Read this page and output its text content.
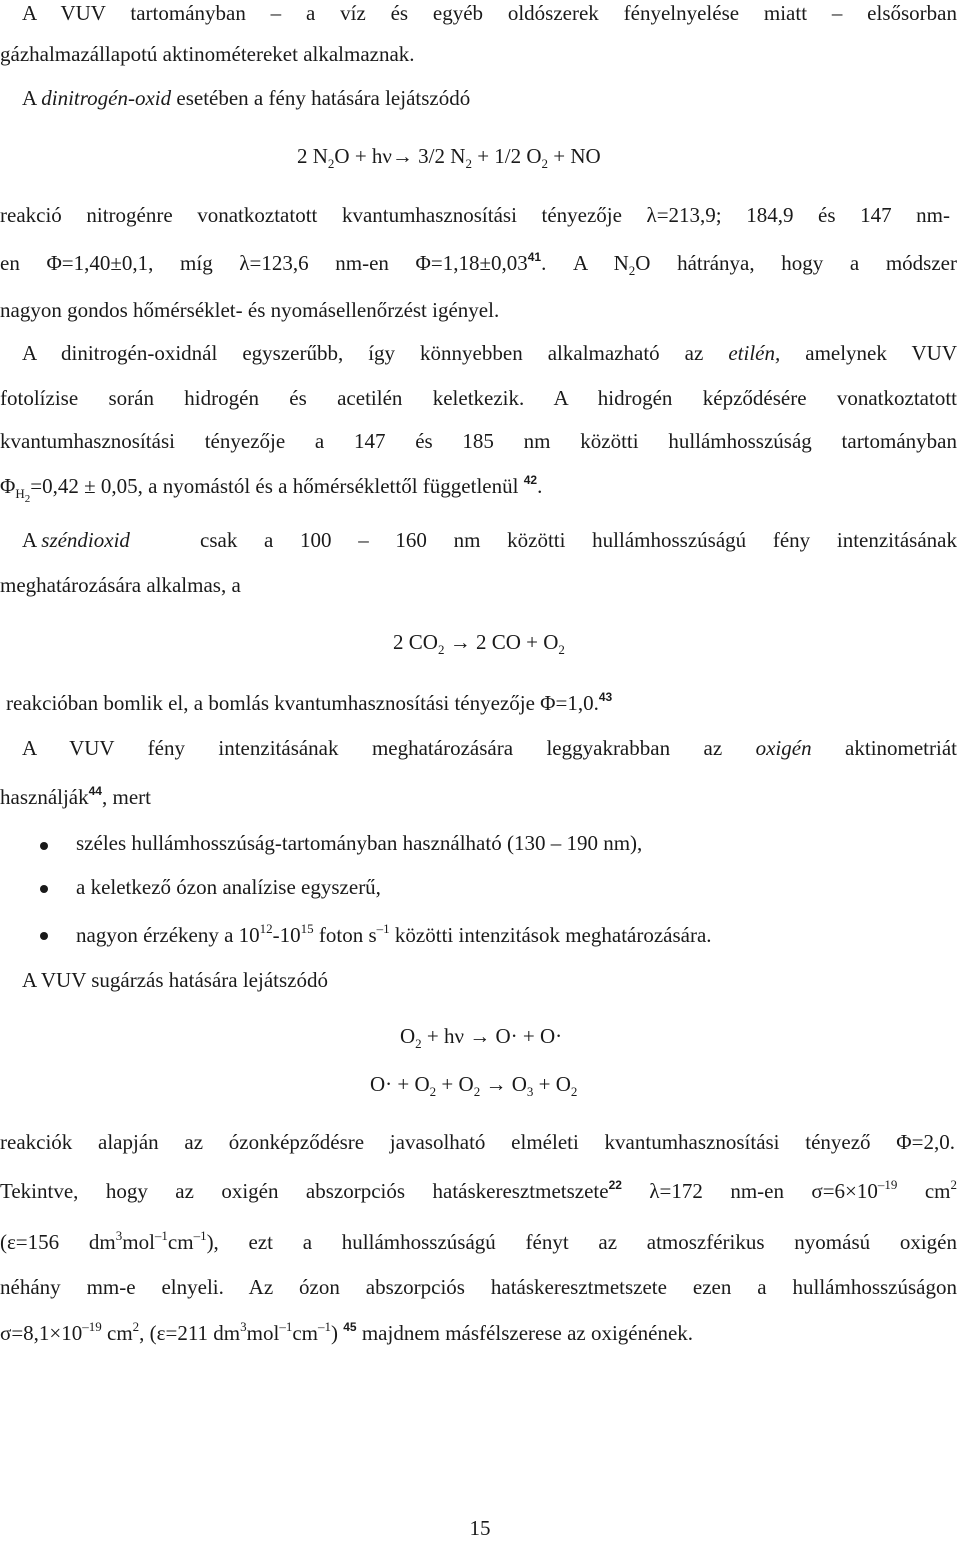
A VUV tartományban – a víz és egyéb oldószerek fényelnyelése miatt – elsősorban
gázhalmazállapotú aktinométereket alkalmaznak.
A dinitrogén-oxid esetében a fény hatására lejátszódó
2 $N_2O + h\nu\to 3/2$ $N_2 + 1/2$ $O_2$ + NO
reakció nitrogénre vonatkoztatott kvantumhasznosítási tényezője λ=213,9; 184,9 és 147 nm-
en Φ=1,40±0,1, míg λ=123,6 nm-en Φ=1,18±0,03$^{41}$. A $N_2O$ hátránya, hogy a módszer
nagyon gondos hőmérséklet- és nyomásellenőrzést igényel.
A dinitrogén-oxidnál egyszerűbb, így könnyebben alkalmazható az etilén, amelynek VUV
fotolízise során hidrogén és acetilén keletkezik. A hidrogén képződésére vonatkoztatott
kvantumhasznosítási tényezője a 147 és 185 nm közötti hullámhosszúság tartományban
$\Phi_{H2}=0,42 \pm 0,05$, a nyomástól és a hőmérséklettől függetlenül $^{42}$.
A széndioxid	csak a 100 – 160 nm közötti hullámhosszúságú fény intenzitásának
meghatározására alkalmas, a
2 $CO_2 \to 2$ CO + $O_2$
reakcióban bomlik el, a bomlás kvantumhasznosítási tényezője Φ=1,0.43
A VUV fény intenzitásának meghatározására leggyakrabban az oxigén aktinometriát
használják$^{44}$, mert
széles hullámhosszúság-tartományban használható (130 – 190 nm),
a keletkező ózon analízise egyszerű,
nagyon érzékeny a $10^{12}-10^{15}$ foton $s^{-1}$ közötti intenzitások meghatározására.
A VUV sugárzás hatására lejátszódó
$O_2 + h\nu \to O\cdot + O\cdot$
$O\cdot + O_2 + O_2 \to O_3 + O_2$
reakciók alapján az ózonképződésre javasolható elméleti kvantumhasznosítási tényező Φ=2,0.
Tekintve, hogy az oxigén abszorpciós hatáskeresztmetszete$^{22}$ λ=172 nm-en $\sigma=6\times 10^{-19}$ $cm^2$
(ε=156 $dm^3mol^{-1}cm^{-1}$), ezt a hullámhosszúságú fényt az atmoszférikus nyomású oxigén
néhány mm-e elnyeli. Az ózon abszorpciós hatáskeresztmetszete ezen a hullámhosszúságon
$\sigma=8,1\times 10^{-19}$ $cm^2$, (ε=211 $dm^3mol^{-1}cm^{-1}$) $^{45}$ majdnem másfélszerese az oxigénének.
15
